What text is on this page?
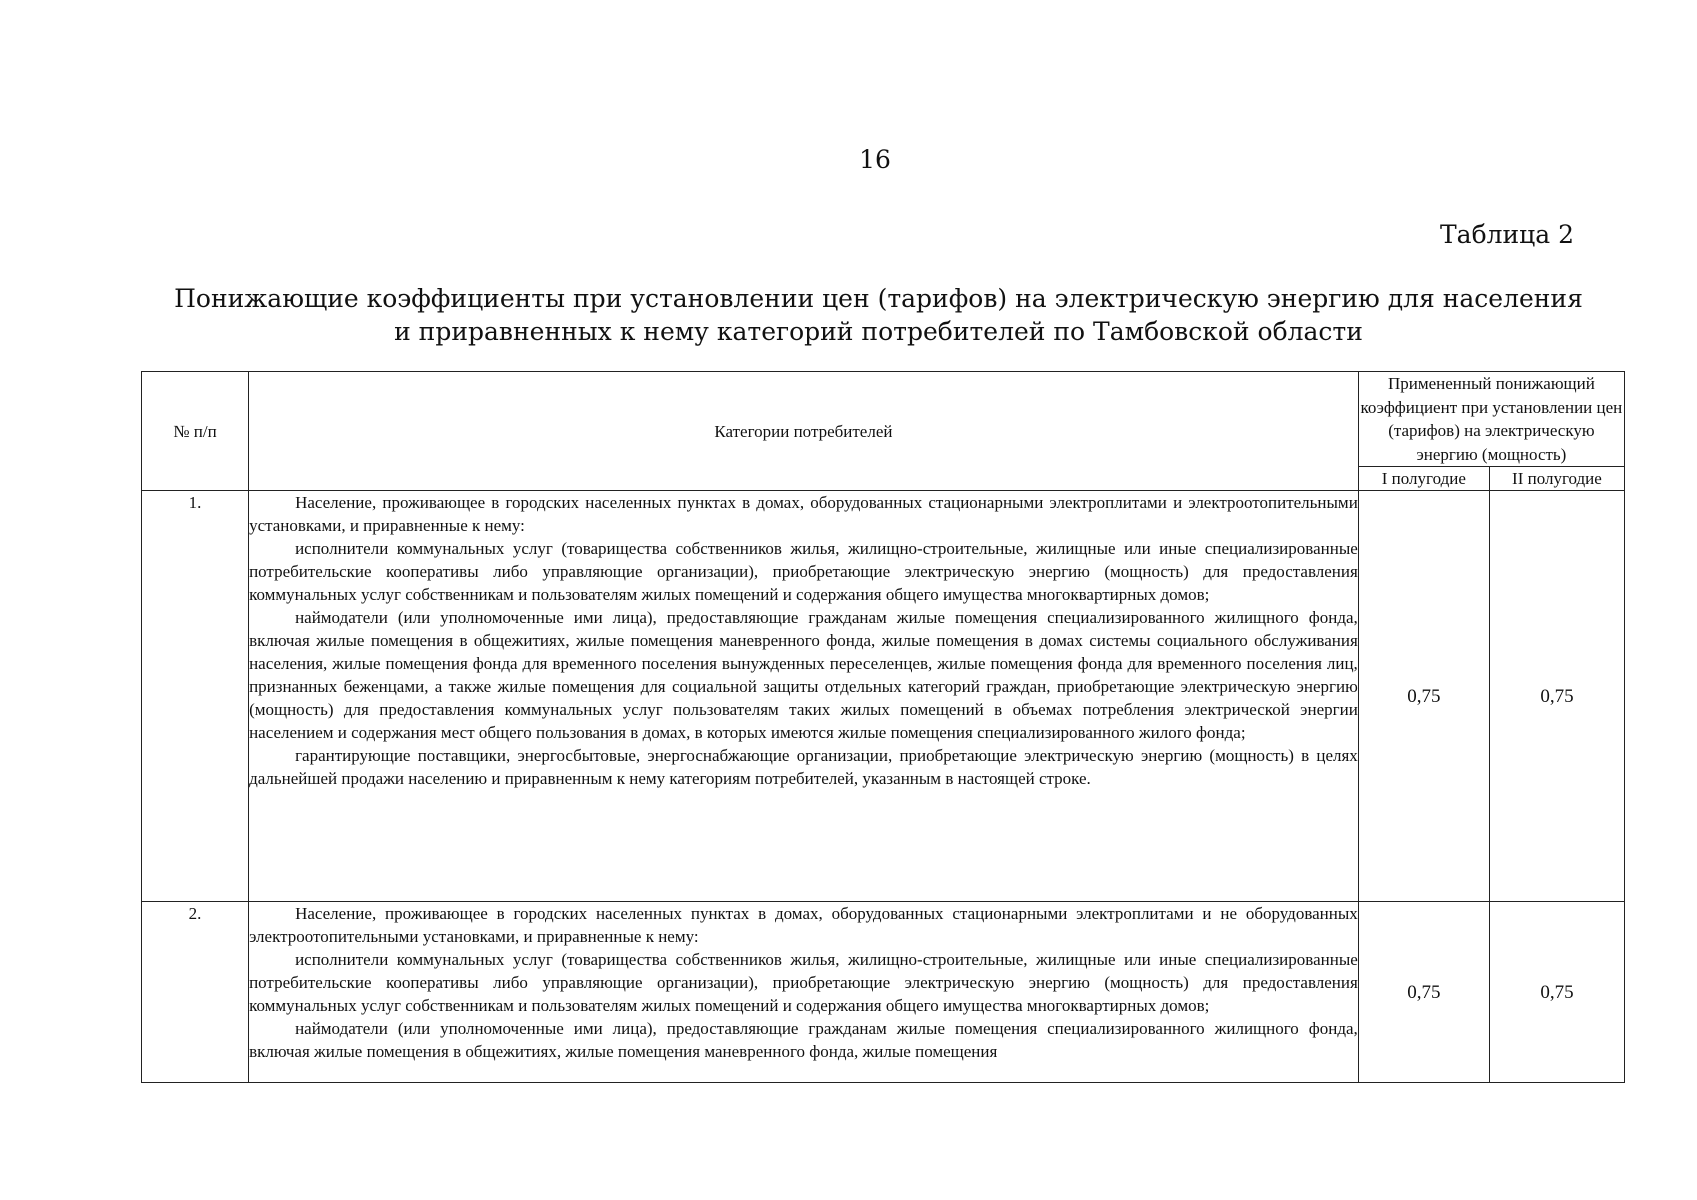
16
Таблица 2
Понижающие коэффициенты при установлении цен (тарифов) на электрическую энергию для населения
и приравненных к нему категорий потребителей по Тамбовской области
№ п/п	Категории потребителей	Примененный понижающий коэффициент при установлении цен (тарифов) на электрическую энергию (мощность)	
		I полугодие	II полугодие
1.	Население, проживающее в городских населенных пунктах в домах, оборудованных стационарными электроплитами и электроотопительными установками, и приравненные к нему:

исполнители коммунальных услуг (товарищества собственников жилья, жилищно-строительные, жилищные или иные специализированные потребительские кооперативы либо управляющие организации), приобретающие электрическую энергию (мощность) для предоставления коммунальных услуг собственникам и пользователям жилых помещений и содержания общего имущества многоквартирных домов;

наймодатели (или уполномоченные ими лица), предоставляющие гражданам жилые помещения специализированного жилищного фонда, включая жилые помещения в общежитиях, жилые помещения маневренного фонда, жилые помещения в домах системы социального обслуживания населения, жилые помещения фонда для временного поселения вынужденных переселенцев, жилые помещения фонда для временного поселения лиц, признанных беженцами, а также жилые помещения для социальной защиты отдельных категорий граждан, приобретающие электрическую энергию (мощность) для предоставления коммунальных услуг пользователям таких жилых помещений в объемах потребления электрической энергии населением и содержания мест общего пользования в домах, в которых имеются жилые помещения специализированного жилого фонда;

гарантирующие поставщики, энергосбытовые, энергоснабжающие организации, приобретающие электрическую энергию (мощность) в целях дальнейшей продажи населению и приравненным к нему категориям потребителей, указанным в настоящей строке.	0,75	0,75
2.	Население, проживающее в городских населенных пунктах в домах, оборудованных стационарными электроплитами и не оборудованных электроотопительными установками, и приравненные к нему:

исполнители коммунальных услуг (товарищества собственников жилья, жилищно-строительные, жилищные или иные специализированные потребительские кооперативы либо управляющие организации), приобретающие электрическую энергию (мощность) для предоставления коммунальных услуг собственникам и пользователям жилых помещений и содержания общего имущества многоквартирных домов;

наймодатели (или уполномоченные ими лица), предоставляющие гражданам жилые помещения специализированного жилищного фонда, включая жилые помещения в общежитиях, жилые помещения маневренного фонда, жилые помещения	0,75	0,75
